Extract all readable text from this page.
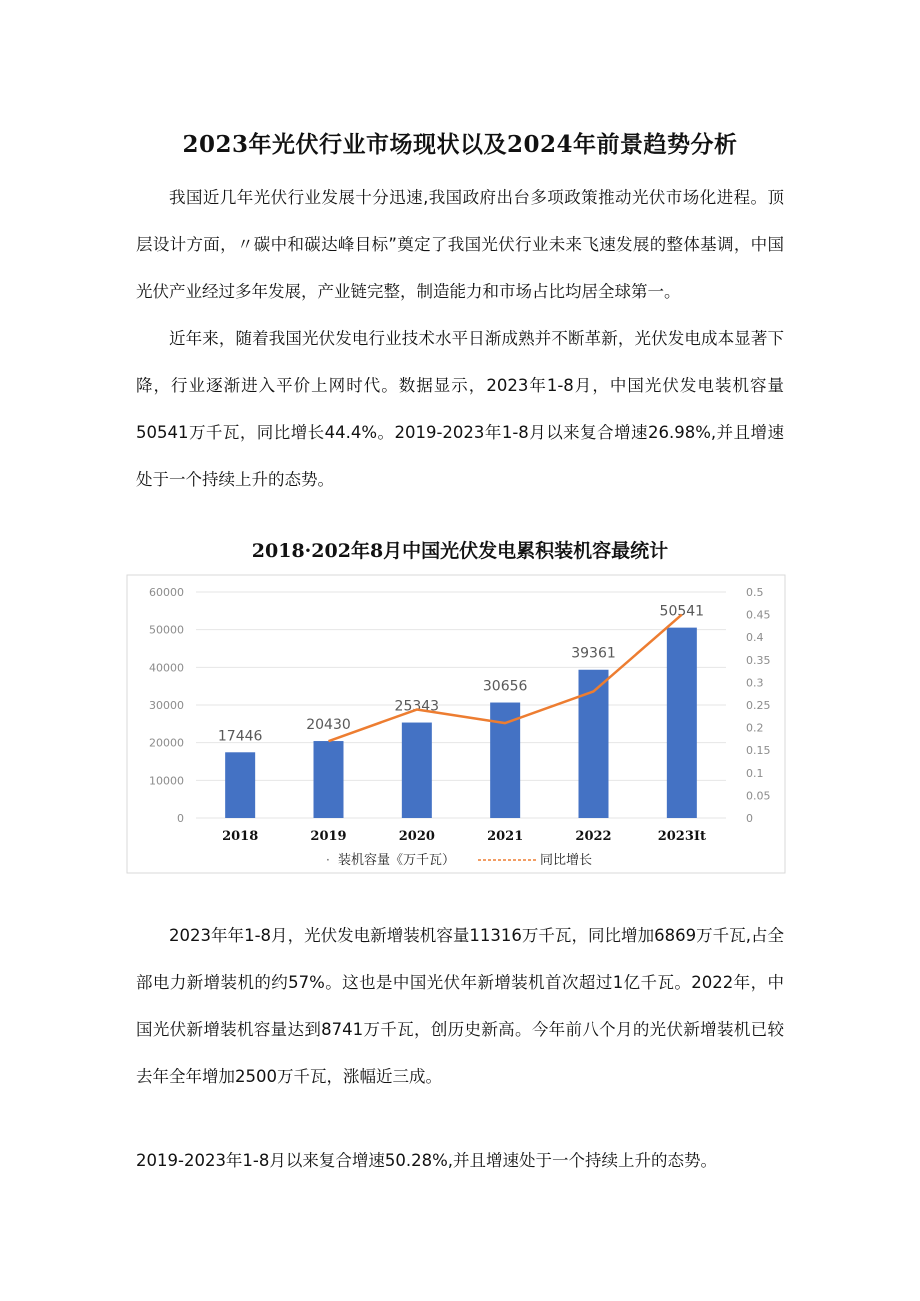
2023年光伏行业市场现状以及2024年前景趋势分析

我国近几年光伏行业发展十分迅速,我国政府出台多项政策推动光伏市场化进程。顶层设计方面，〃碳中和碳达峰目标”奠定了我国光伏行业未来飞速发展的整体基调，中国光伏产业经过多年发展，产业链完整，制造能力和市场占比均居全球第一。

近年来，随着我国光伏发电行业技术水平日渐成熟并不断革新，光伏发电成本显著下降，行业逐渐进入平价上网时代。数据显示，2023年1-8月，中国光伏发电装机容量50541万千瓦，同比增长44.4%。2019-2023年1-8月以来复合增速26.98%,并且增速处于一个持续上升的态势。

2018·202年8月中国光伏发电累积装机容最统计
0
10000
20000
30000
40000
50000
60000
0
0.05
0.1
0.15
0.2
0.25
0.3
0.35
0.4
0.45
0.5
17446
20430
25343
30656
39361
50541
2018	2019	2020	2021	2022	2023It
· 装机容量《万千瓦）	同比增长

2023年年1-8月，光伏发电新增装机容量11316万千瓦，同比增加6869万千瓦,占全部电力新增装机的约57%。这也是中国光伏年新增装机首次超过1亿千瓦。2022年，中国光伏新增装机容量达到8741万千瓦，创历史新高。今年前八个月的光伏新增装机已较去年全年增加2500万千瓦，涨幅近三成。

2019-2023年1-8月以来复合增速50.28%,并且增速处于一个持续上升的态势。
